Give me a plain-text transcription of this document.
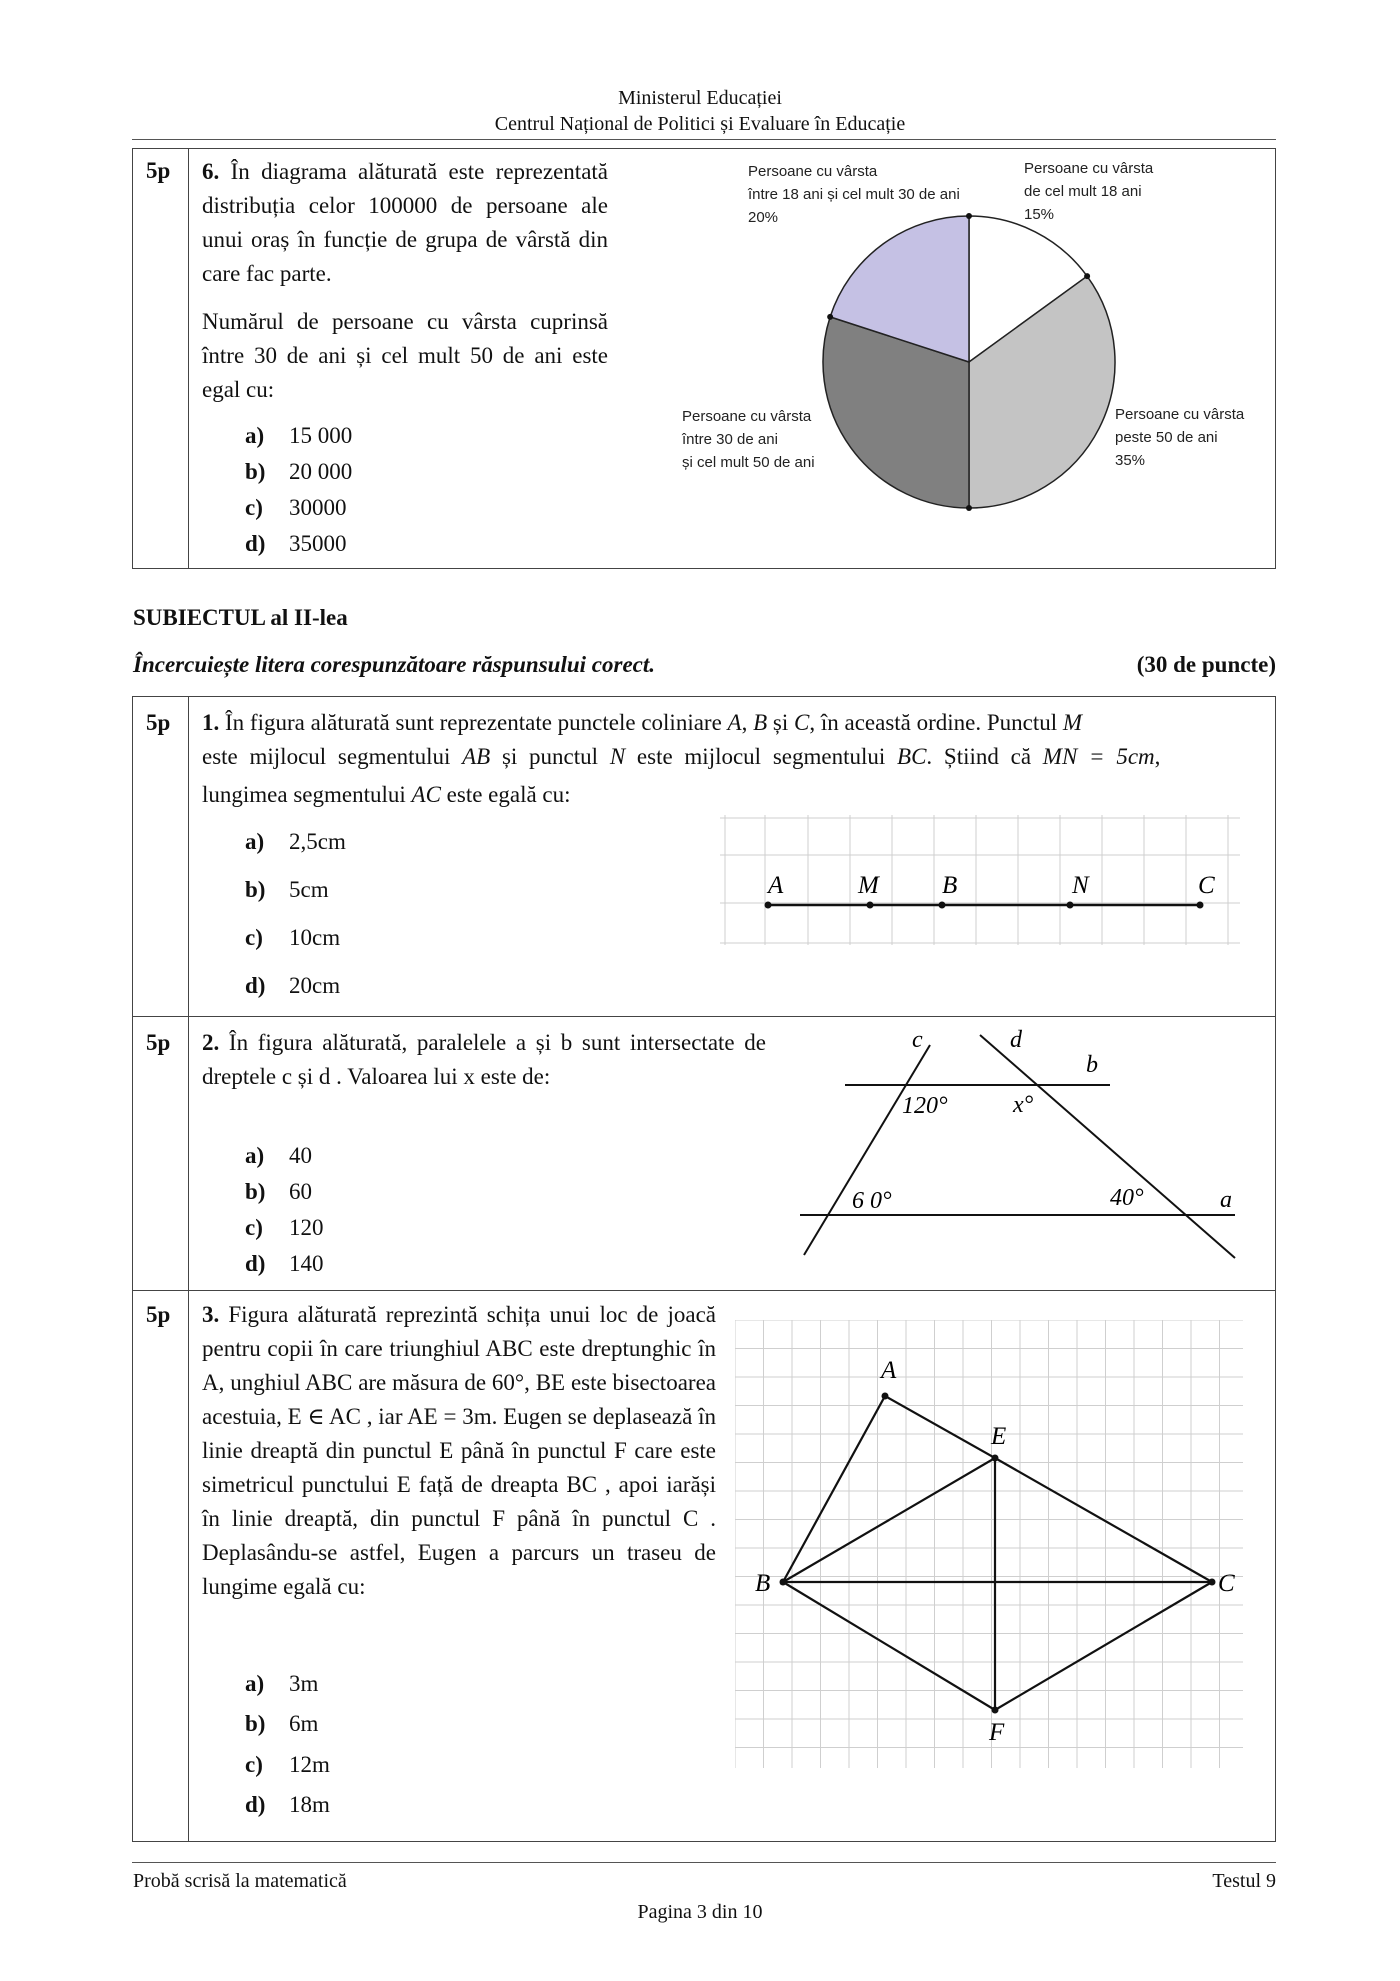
Ministerul Educației
Centrul Național de Politici și Evaluare în Educație
5p 6. În diagrama alăturată este reprezentată distribuția celor 100000 de persoane ale unui oraș în funcție de grupa de vârstă din care fac parte.
Numărul de persoane cu vârsta cuprinsă între 30 de ani și cel mult 50 de ani este egal cu:
a) 15 000
b) 20 000
c) 30000
d) 35000
Persoane cu vârsta
între 18 ani și cel mult 30 de ani
20%
Persoane cu vârsta
de cel mult 18 ani
15%
Persoane cu vârsta
între 30 de ani
și cel mult 50 de ani
Persoane cu vârsta
peste 50 de ani
35%
SUBIECTUL al II-lea
Încercuiește litera corespunzătoare răspunsului corect.	(30 de puncte)
5p 1. În figura alăturată sunt reprezentate punctele coliniare A, B și C, în această ordine. Punctul M
este mijlocul segmentului AB și punctul N este mijlocul segmentului BC. Știind că MN = 5cm,
lungimea segmentului AC este egală cu:
a) 2,5cm
b) 5cm
c) 10cm
d) 20cm
A	M	B	N	C
5p 2. În figura alăturată, paralelele a și b sunt intersectate de dreptele c și d . Valoarea lui x este de:
a) 40
b) 60
c) 120
d) 140
c	d
b
a
120°	x°
6 0°	40°
5p 3. Figura alăturată reprezintă schița unui loc de joacă pentru copii în care triunghiul ABC este dreptunghic în A, unghiul ABC are măsura de 60°, BE este bisectoarea acestuia, E ∈ AC , iar AE = 3m. Eugen se deplasează în linie dreaptă din punctul E până în punctul F care este simetricul punctului E față de dreapta BC , apoi iarăși în linie dreaptă, din punctul F până în punctul C . Deplasându-se astfel, Eugen a parcurs un traseu de lungime egală cu:
a) 3m
b) 6m
c) 12m
d) 18m
A
E
B	C
F
Probă scrisă la matematică	Testul 9
Pagina 3 din 10
